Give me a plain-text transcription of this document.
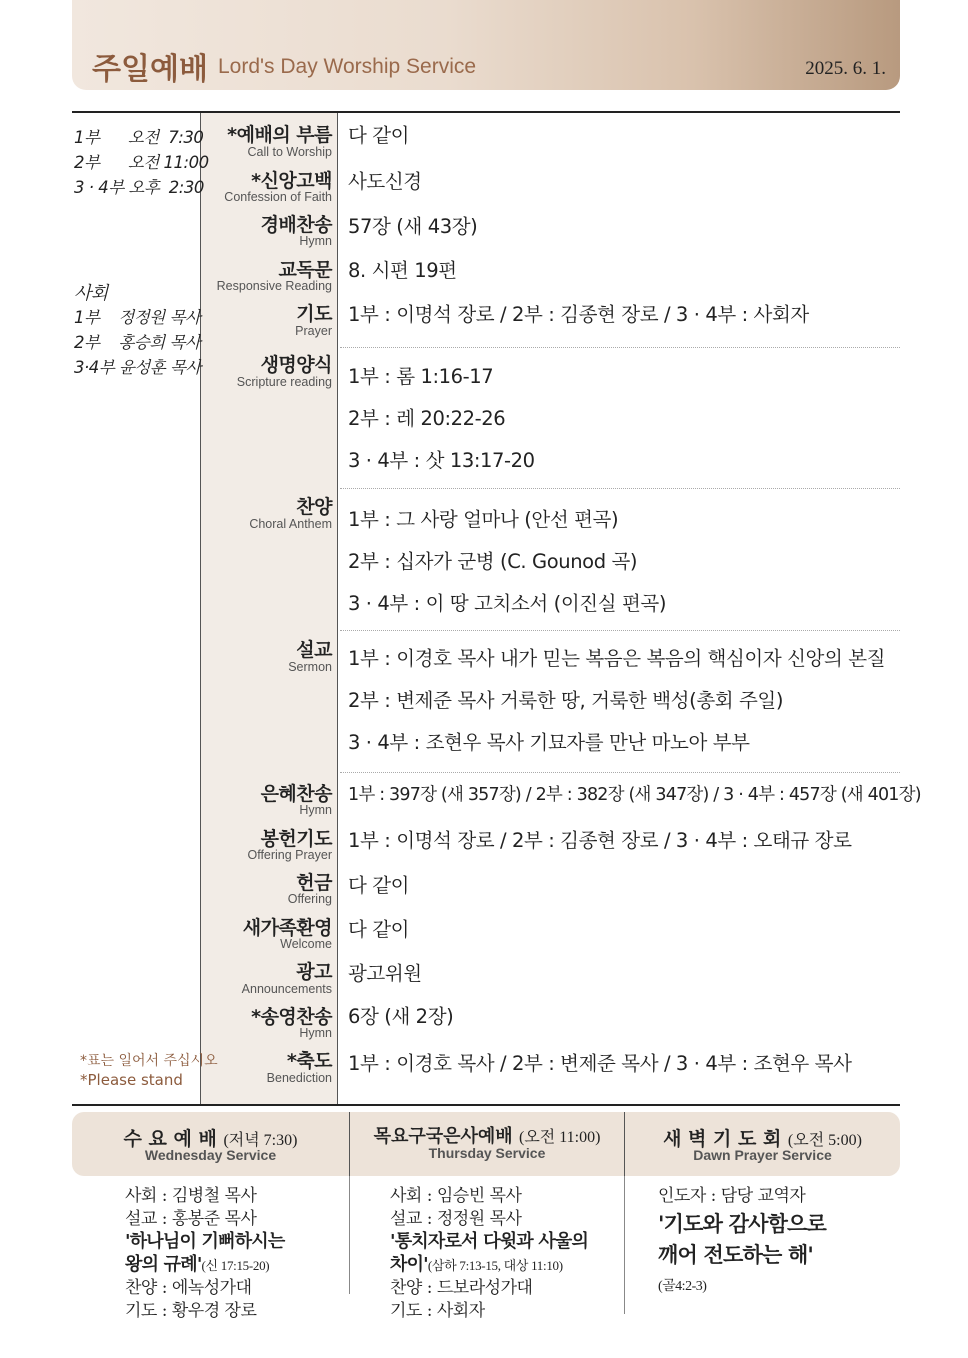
주일예배 Lord's Day Worship Service	2025. 6. 1.
1부      오전  7:30
2부      오전 11:00
3 · 4부 오후  2:30
사회
1부    정정원 목사
2부    홍승희 목사
3·4부 윤성훈 목사
*표는 일어서 주십시오
*Please stand
*예배의 부름
Call to Worship
*신앙고백
Confession of Faith
경배찬송
Hymn
교독문
Responsive Reading
기도
Prayer
생명양식
Scripture reading
찬양
Choral Anthem
설교
Sermon
은혜찬송
Hymn
봉헌기도
Offering Prayer
헌금
Offering
새가족환영
Welcome
광고
Announcements
*송영찬송
Hymn
*축도
Benediction
다 같이
사도신경
57장 (새 43장)
8. 시편 19편
1부 : 이명석 장로 / 2부 : 김종현 장로 / 3 · 4부 : 사회자
1부 : 롬 1:16-17
2부 : 레 20:22-26
3 · 4부 : 삿 13:17-20
1부 : 그 사랑 얼마나 (안선 편곡)
2부 : 십자가 군병 (C. Gounod 곡)
3 · 4부 : 이 땅 고치소서 (이진실 편곡)
1부 : 이경호 목사 내가 믿는 복음은 복음의 핵심이자 신앙의 본질
2부 : 변제준 목사 거룩한 땅, 거룩한 백성(총회 주일)
3 · 4부 : 조현우 목사 기묘자를 만난 마노아 부부
1부 : 397장 (새 357장) / 2부 : 382장 (새 347장) / 3 · 4부 : 457장 (새 401장)
1부 : 이명석 장로 / 2부 : 김종현 장로 / 3 · 4부 : 오태규 장로
다 같이
다 같이
광고위원
6장 (새 2장)
1부 : 이경호 목사 / 2부 : 변제준 목사 / 3 · 4부 : 조현우 목사
수 요 예 배 (저녁 7:30)
Wednesday Service
사회 : 김병철 목사
설교 : 홍봉준 목사
'하나님이 기뻐하시는
왕의 규례'(신 17:15-20)
찬양 : 에녹성가대
기도 : 황우경 장로
목요구국은사예배 (오전 11:00)
Thursday Service
사회 : 임승빈 목사
설교 : 정정원 목사
'통치자로서 다윗과 사울의
차이'(삼하 7:13-15, 대상 11:10)
찬양 : 드보라성가대
기도 : 사회자
새 벽 기 도 회 (오전 5:00)
Dawn Prayer Service
인도자 : 담당 교역자
'기도와 감사함으로
깨어 전도하는 해'
(골4:2-3)
